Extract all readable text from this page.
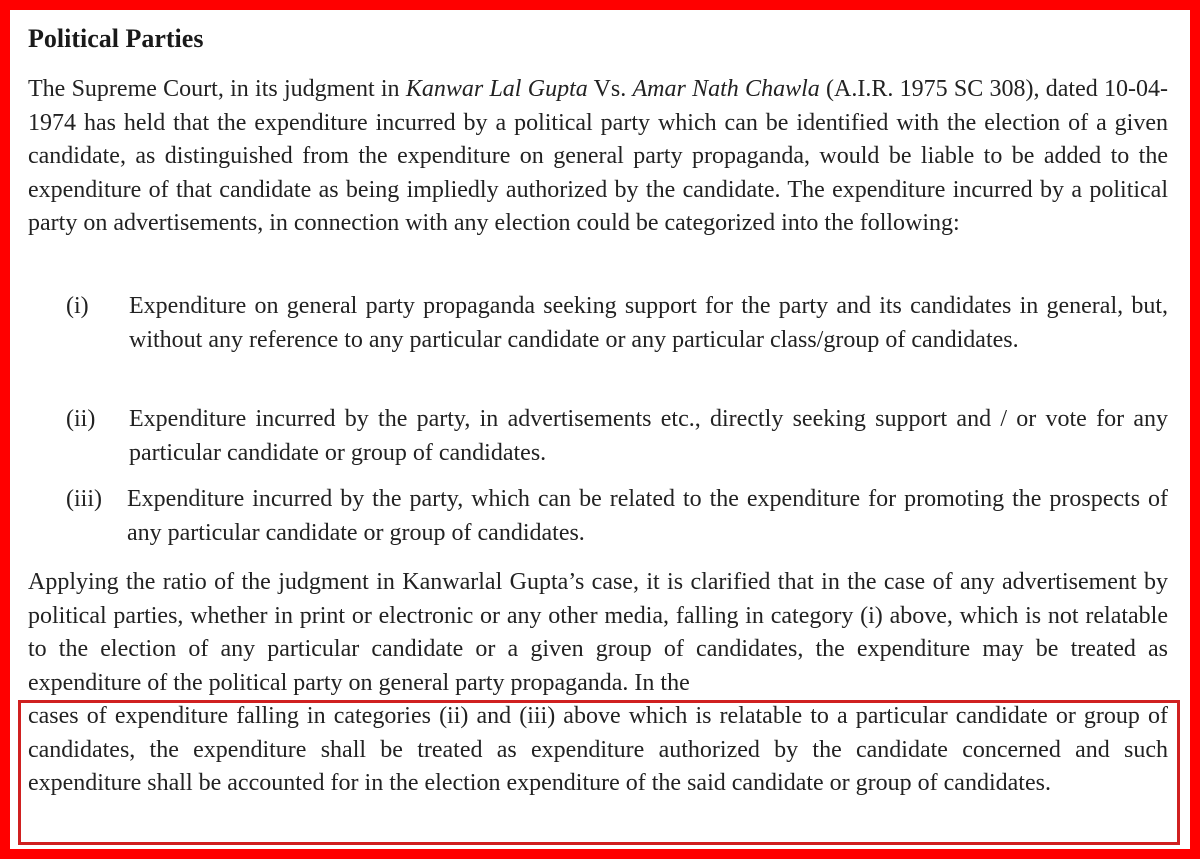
Political Parties
The Supreme Court, in its judgment in Kanwar Lal Gupta Vs. Amar Nath Chawla (A.I.R. 1975 SC 308), dated 10-04-1974 has held that the expenditure incurred by a political party which can be identified with the election of a given candidate, as distinguished from the expenditure on general party propaganda, would be liable to be added to the expenditure of that candidate as being impliedly authorized by the candidate. The expenditure incurred by a political party on advertisements, in connection with any election could be categorized into the following:
(i) Expenditure on general party propaganda seeking support for the party and its candidates in general, but, without any reference to any particular candidate or any particular class/group of candidates.
(ii) Expenditure incurred by the party, in advertisements etc., directly seeking support and / or vote for any particular candidate or group of candidates.
(iii) Expenditure incurred by the party, which can be related to the expenditure for promoting the prospects of any particular candidate or group of candidates.
Applying the ratio of the judgment in Kanwarlal Gupta’s case, it is clarified that in the case of any advertisement by political parties, whether in print or electronic or any other media, falling in category (i) above, which is not relatable to the election of any particular candidate or a given group of candidates, the expenditure may be treated as expenditure of the political party on general party propaganda. In the
cases of expenditure falling in categories (ii) and (iii) above which is relatable to a particular candidate or group of candidates, the expenditure shall be treated as expenditure authorized by the candidate concerned and such expenditure shall be accounted for in the election expenditure of the said candidate or group of candidates.
